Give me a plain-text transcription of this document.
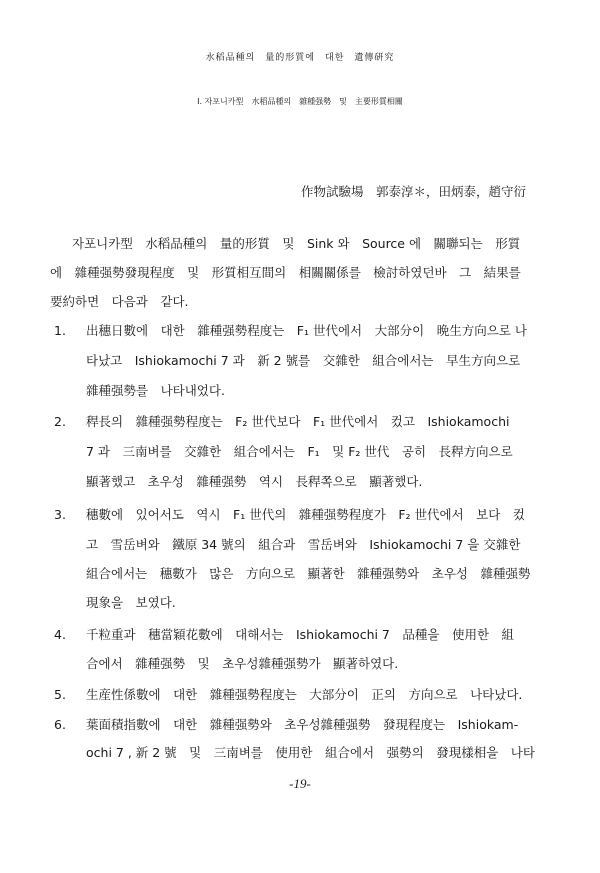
水稻品種의　量的形質에　대한　遺傳硏究
Ⅰ. 자포니카型　水稻品種의　雜種强勢　및　主要形質相關
作物試驗場　郭泰淳＊，田炳泰，趙守衍
자포니카型　水稻品種의　量的形質　및　Sink 와　Source 에　關聯되는　形質
에　雜種强勢發現程度　및　形質相互間의　相關關係를　檢討하였던바　그　結果를
要約하면　다음과　같다.
1. 出穗日數에　대한　雜種强勢程度는　F₁ 世代에서　大部分이　晩生方向으로 나
타났고　Ishiokamochi 7 과　新 2 號를　交雜한　組合에서는　早生方向으로
雜種强勢를　나타내었다.
2. 稈長의　雜種强勢程度는　F₂ 世代보다　F₁ 世代에서　컸고　Ishiokamochi
7 과　三南벼를　交雜한　組合에서는　F₁　및 F₂ 世代　공히　長稈方向으로
顯著했고　초우성　雜種强勢　역시　長稈쪽으로　顯著했다.
3. 穗數에　있어서도　역시　F₁ 世代의　雜種强勢程度가　F₂ 世代에서　보다　컸
고　雪岳벼와　鐵原 34 號의　組合과　雪岳벼와　Ishiokamochi 7 을 交雜한
組合에서는　穗數가　많은　方向으로　顯著한　雜種强勢와　초우성　雜種强勢
現象을　보였다.
4. 千粒重과　穗當穎花數에　대해서는　Ishiokamochi 7　品種을　使用한　組
合에서　雜種强勢　및　초우성雜種强勢가　顯著하였다.
5. 生産性係數에　대한　雜種强勢程度는　大部分이　正의　方向으로　나타났다.
6. 葉面積指數에　대한　雜種强勢와　초우성雜種强勢　發現程度는　Ishiokam-
ochi 7 , 新 2 號　및　三南벼를　使用한　組合에서　强勢의　發現樣相을　나타
-19-
